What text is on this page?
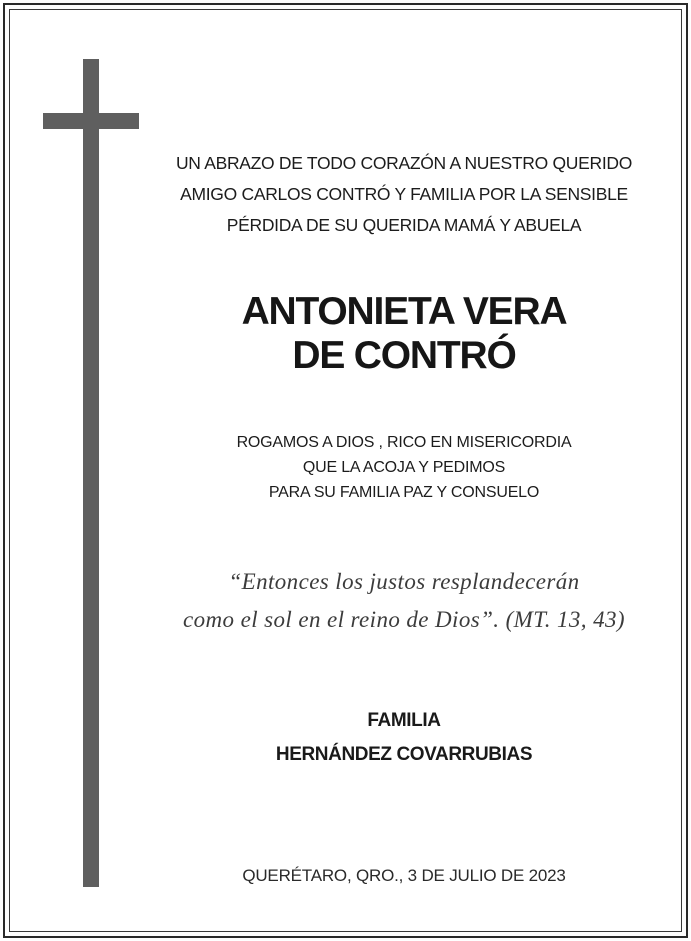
UN ABRAZO DE TODO CORAZÓN A NUESTRO QUERIDO
AMIGO CARLOS CONTRÓ Y FAMILIA POR LA SENSIBLE
PÉRDIDA DE SU QUERIDA MAMÁ Y ABUELA
ANTONIETA VERA
DE CONTRÓ
ROGAMOS A DIOS , RICO EN MISERICORDIA
QUE LA ACOJA Y PEDIMOS
PARA SU FAMILIA PAZ Y CONSUELO
“Entonces los justos resplandecerán
como el sol en el reino de Dios”. (MT. 13, 43)
FAMILIA
HERNÁNDEZ COVARRUBIAS
QUERÉTARO, QRO., 3 DE JULIO DE 2023
